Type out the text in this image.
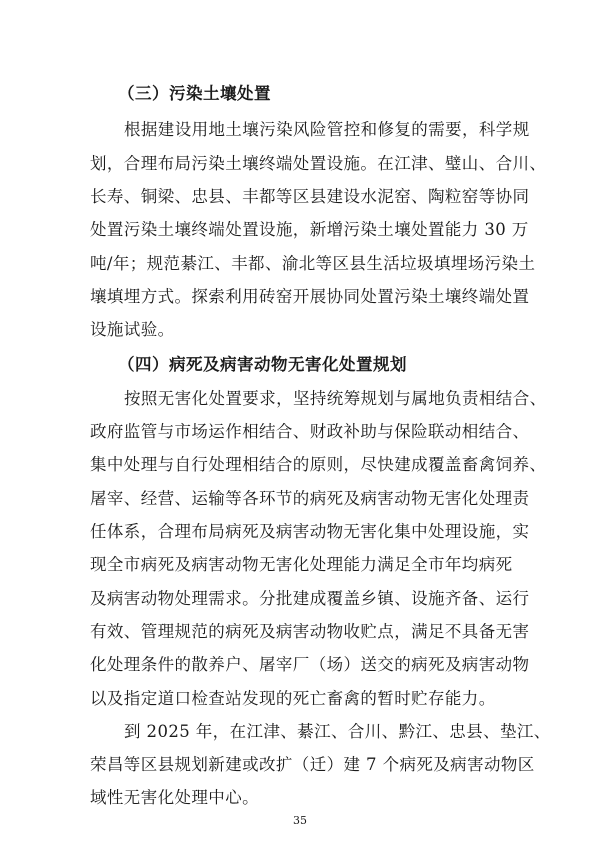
（三）污染土壤处置
根据建设用地土壤污染风险管控和修复的需要，科学规
划，合理布局污染土壤终端处置设施。在江津、璧山、合川、
长寿、铜梁、忠县、丰都等区县建设水泥窑、陶粒窑等协同
处置污染土壤终端处置设施，新增污染土壤处置能力 30 万
吨/年；规范綦江、丰都、渝北等区县生活垃圾填埋场污染土
壤填埋方式。探索利用砖窑开展协同处置污染土壤终端处置
设施试验。
（四）病死及病害动物无害化处置规划
按照无害化处置要求，坚持统筹规划与属地负责相结合、
政府监管与市场运作相结合、财政补助与保险联动相结合、
集中处理与自行处理相结合的原则，尽快建成覆盖畜禽饲养、
屠宰、经营、运输等各环节的病死及病害动物无害化处理责
任体系，合理布局病死及病害动物无害化集中处理设施，实
现全市病死及病害动物无害化处理能力满足全市年均病死
及病害动物处理需求。分批建成覆盖乡镇、设施齐备、运行
有效、管理规范的病死及病害动物收贮点，满足不具备无害
化处理条件的散养户、屠宰厂（场）送交的病死及病害动物
以及指定道口检查站发现的死亡畜禽的暂时贮存能力。
到 2025 年，在江津、綦江、合川、黔江、忠县、垫江、
荣昌等区县规划新建或改扩（迁）建 7 个病死及病害动物区
域性无害化处理中心。
35
